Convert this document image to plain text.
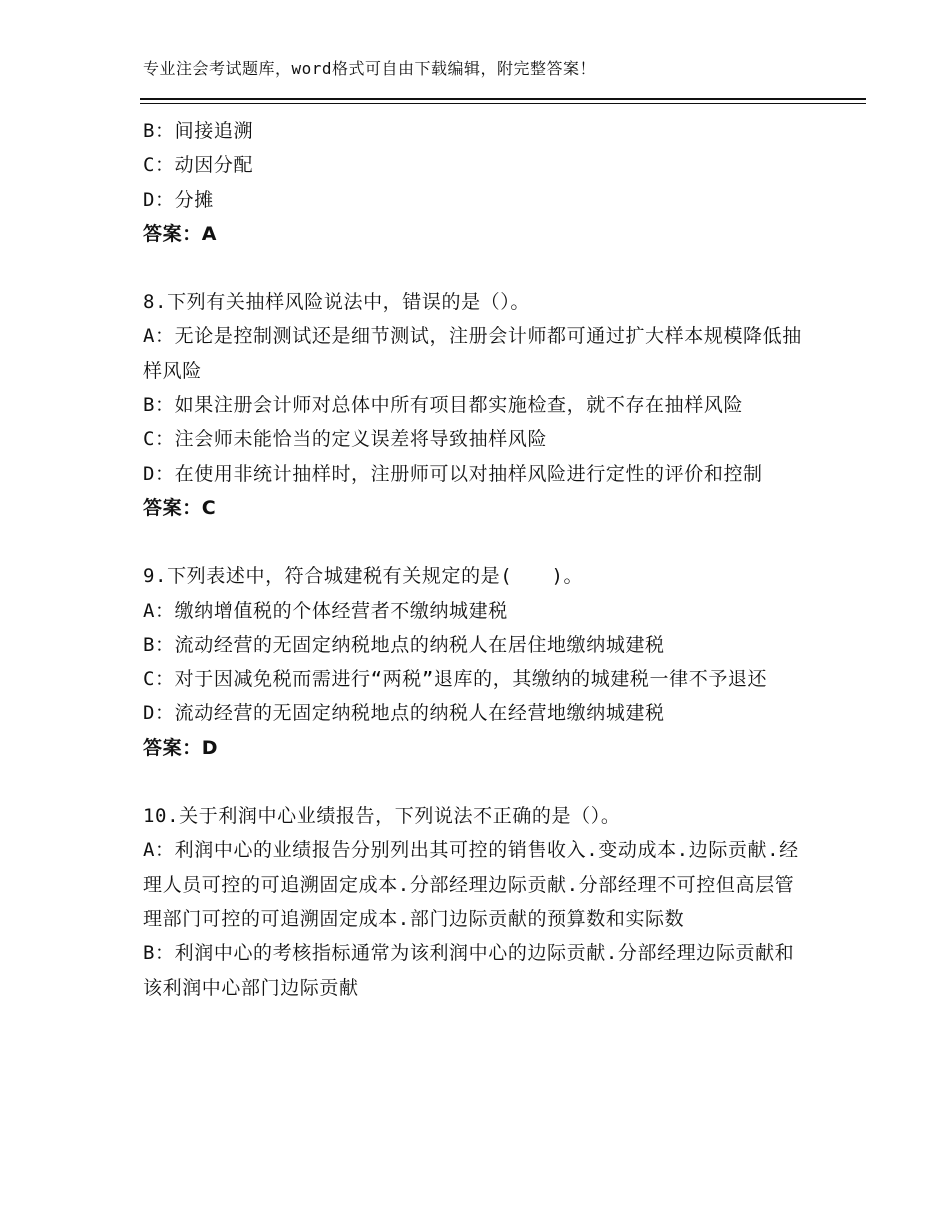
专业注会考试题库，word格式可自由下载编辑，附完整答案！

B：间接追溯

C：动因分配

D：分摊

答案：A

8.下列有关抽样风险说法中，错误的是（）。

A：无论是控制测试还是细节测试，注册会计师都可通过扩大样本规模降低抽样风险

B：如果注册会计师对总体中所有项目都实施检查，就不存在抽样风险

C：注会师未能恰当的定义误差将导致抽样风险

D：在使用非统计抽样时，注册师可以对抽样风险进行定性的评价和控制

答案：C

9.下列表述中，符合城建税有关规定的是(　　)。

A：缴纳增值税的个体经营者不缴纳城建税

B：流动经营的无固定纳税地点的纳税人在居住地缴纳城建税

C：对于因减免税而需进行“两税”退库的，其缴纳的城建税一律不予退还

D：流动经营的无固定纳税地点的纳税人在经营地缴纳城建税

答案：D

10.关于利润中心业绩报告，下列说法不正确的是（）。

A：利润中心的业绩报告分别列出其可控的销售收入.变动成本.边际贡献.经理人员可控的可追溯固定成本.分部经理边际贡献.分部经理不可控但高层管理部门可控的可追溯固定成本.部门边际贡献的预算数和实际数

B：利润中心的考核指标通常为该利润中心的边际贡献.分部经理边际贡献和该利润中心部门边际贡献
